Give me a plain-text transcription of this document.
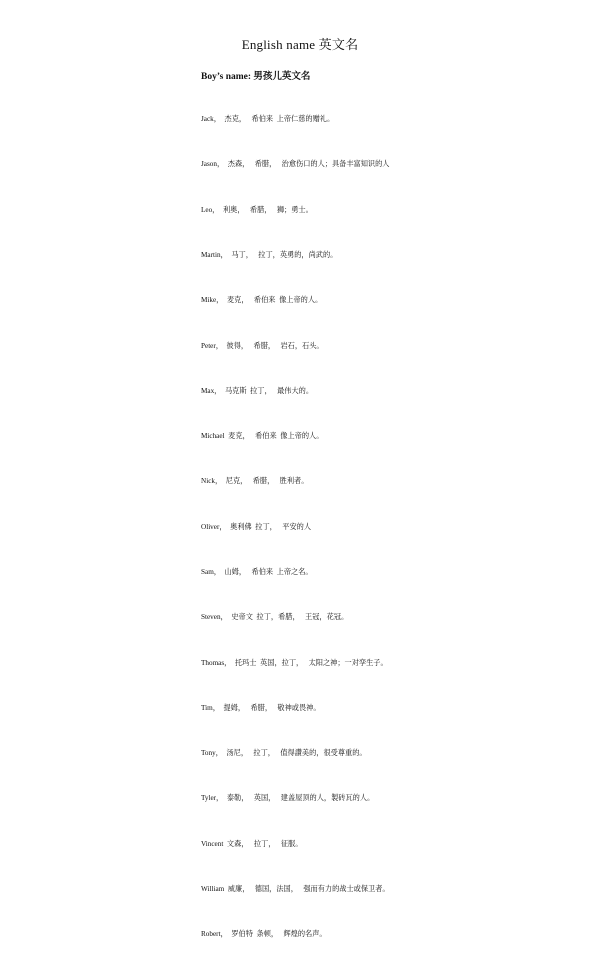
English name 英文名
Boy’s name: 男孩儿英文名

Jack，  杰克，   希伯来  上帝仁慈的赠礼。

Jason，  杰森，   希腊，   治愈伤口的人；具备丰富知识的人

Leo，  利奥，   希腊，   狮；勇士。

Martin，  马丁，   拉丁，英勇的，尚武的。

Mike，  麦克，   希伯来  像上帝的人。

Peter，  彼得，   希腊，   岩石，石头。

Max，  马克斯  拉丁，   最伟大的。

Michael  麦克，   希伯来  像上帝的人。

Nick，  尼克，   希腊，   胜利者。

Oliver，  奥利佛  拉丁，   平安的人

Sam，  山姆，   希伯来  上帝之名。

Steven，  史帝文  拉丁，希腊，   王冠，花冠。

Thomas，  托玛士  英国，拉丁，   太阳之神；一对孪生子。

Tim，  提姆，   希腊，   敬神或畏神。

Tony，  汤尼，   拉丁，   值得讚美的，很受尊重的。

Tyler，  泰勒，   英国，   建盖屋顶的人，製砖瓦的人。

Vincent  文森，   拉丁，   征服。

William  威廉，   德国，法国，   强而有力的战士或保卫者。

Robert，  罗伯特  条顿，   辉煌的名声。
